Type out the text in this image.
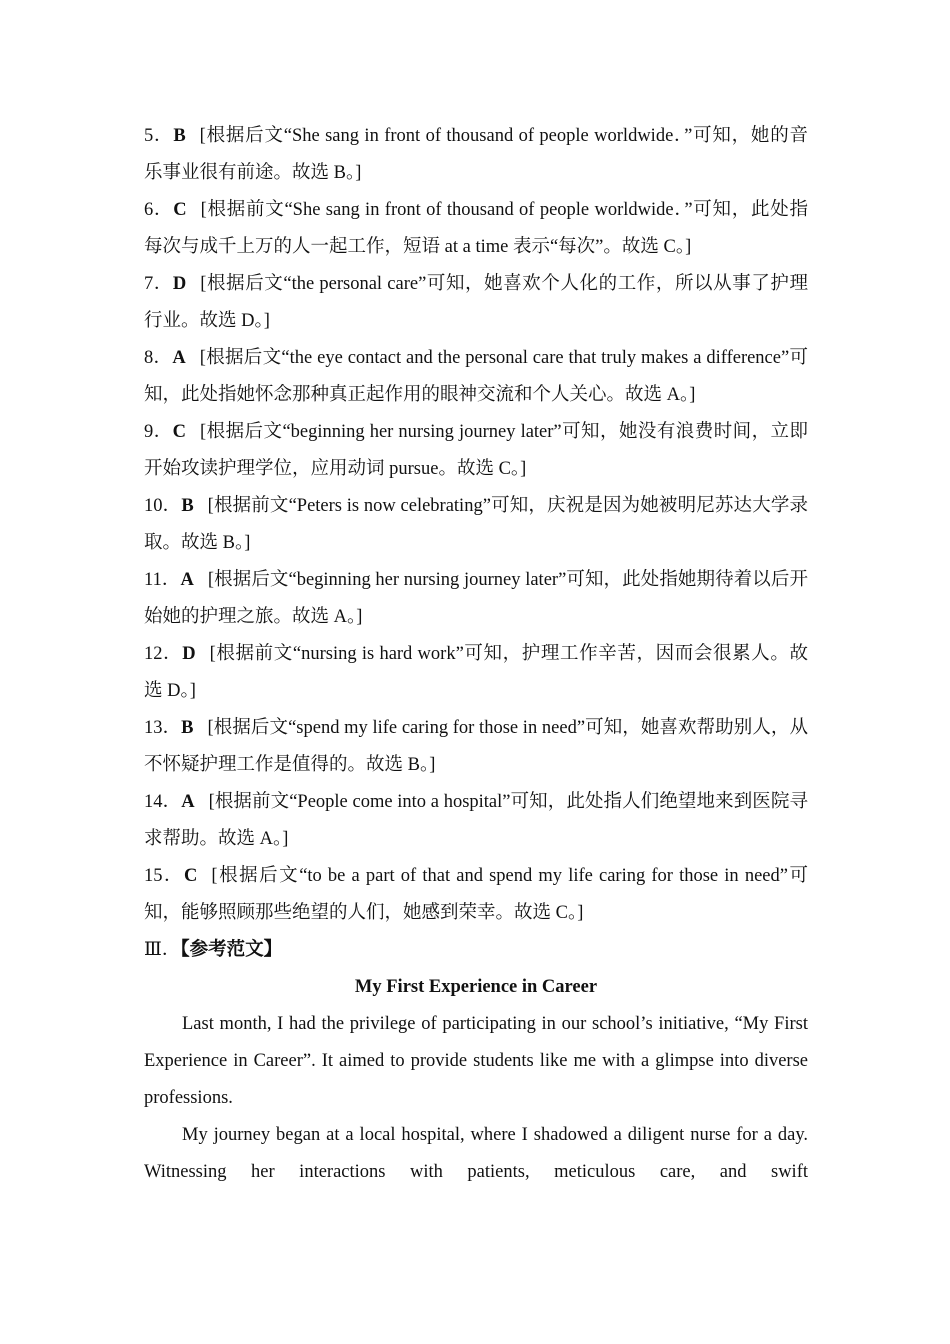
5．B [根据后文“She sang in front of thousand of people worldwide．”可知，她的音乐事业很有前途。故选 B。]

6．C [根据前文“She sang in front of thousand of people worldwide．”可知，此处指每次与成千上万的人一起工作，短语 at a time 表示“每次”。故选 C。]

7．D [根据后文“the personal care”可知，她喜欢个人化的工作，所以从事了护理行业。故选 D。]

8．A [根据后文“the eye contact and the personal care that truly makes a difference”可知，此处指她怀念那种真正起作用的眼神交流和个人关心。故选 A。]

9．C [根据后文“beginning her nursing journey later”可知，她没有浪费时间，立即开始攻读护理学位，应用动词 pursue。故选 C。]

10．B [根据前文“Peters is now celebrating”可知，庆祝是因为她被明尼苏达大学录取。故选 B。]

11．A [根据后文“beginning her nursing journey later”可知，此处指她期待着以后开始她的护理之旅。故选 A。]

12．D [根据前文“nursing is hard work”可知，护理工作辛苦，因而会很累人。故选 D。]

13．B [根据后文“spend my life caring for those in need”可知，她喜欢帮助别人，从不怀疑护理工作是值得的。故选 B。]

14．A [根据前文“People come into a hospital”可知，此处指人们绝望地来到医院寻求帮助。故选 A。]

15．C [根据后文“to be a part of that and spend my life caring for those in need”可知，能够照顾那些绝望的人们，她感到荣幸。故选 C。]

Ⅲ．【参考范文】

My First Experience in Career

Last month, I had the privilege of participating in our school’s initiative, “My First Experience in Career”. It aimed to provide students like me with a glimpse into diverse professions.

My journey began at a local hospital, where I shadowed a diligent nurse for a day. Witnessing her interactions with patients, meticulous care, and swift
